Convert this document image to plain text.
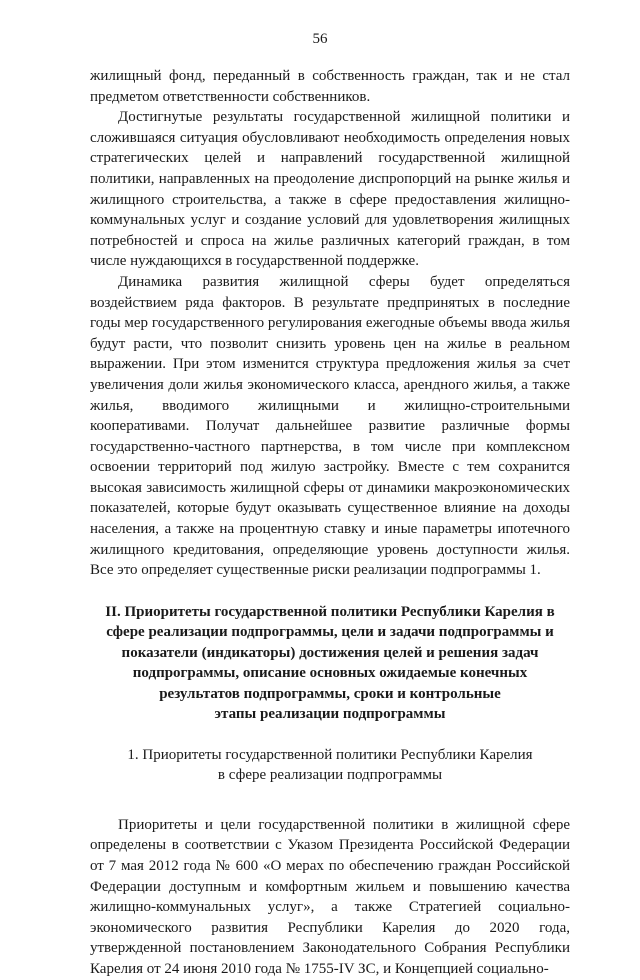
56

жилищный фонд, переданный в собственность граждан, так и не стал предметом ответственности собственников.

Достигнутые результаты государственной жилищной политики и сложившаяся ситуация обусловливают необходимость определения новых стратегических целей и направлений государственной жилищной политики, направленных на преодоление диспропорций на рынке жилья и жилищного строительства, а также в сфере предоставления жилищно-коммунальных услуг и создание условий для удовлетворения жилищных потребностей и спроса на жилье различных категорий граждан, в том числе нуждающихся в государственной поддержке.

Динамика развития жилищной сферы будет определяться воздействием ряда факторов. В результате предпринятых в последние годы мер государственного регулирования ежегодные объемы ввода жилья будут расти, что позволит снизить уровень цен на жилье в реальном выражении. При этом изменится структура предложения жилья за счет увеличения доли жилья экономического класса, арендного жилья, а также жилья, вводимого жилищными и жилищно-строительными кооперативами. Получат дальнейшее развитие различные формы государственно-частного партнерства, в том числе при комплексном освоении территорий под жилую застройку. Вместе с тем сохранится высокая зависимость жилищной сферы от динамики макроэкономических показателей, которые будут оказывать существенное влияние на доходы населения, а также на процентную ставку и иные параметры ипотечного жилищного кредитования, определяющие уровень доступности жилья. Все это определяет существенные риски реализации подпрограммы 1.

II. Приоритеты государственной политики Республики Карелия в
сфере реализации подпрограммы, цели и задачи подпрограммы и
показатели (индикаторы) достижения целей и решения задач
подпрограммы, описание основных ожидаемые конечных
результатов подпрограммы, сроки и контрольные
этапы реализации подпрограммы
1. Приоритеты государственной политики Республики Карелия
в сфере реализации подпрограммы

Приоритеты и цели государственной политики в жилищной сфере определены в соответствии с Указом Президента Российской Федерации от 7 мая 2012 года № 600 «О мерах по обеспечению граждан Российской Федерации доступным и комфортным жильем и повышению качества жилищно-коммунальных услуг», а также Стратегией социально-экономического развития Республики Карелия до 2020 года, утвержденной постановлением Законодательного Собрания Республики Карелия от 24 июня 2010 года № 1755-IV ЗС, и Концепцией социально-
